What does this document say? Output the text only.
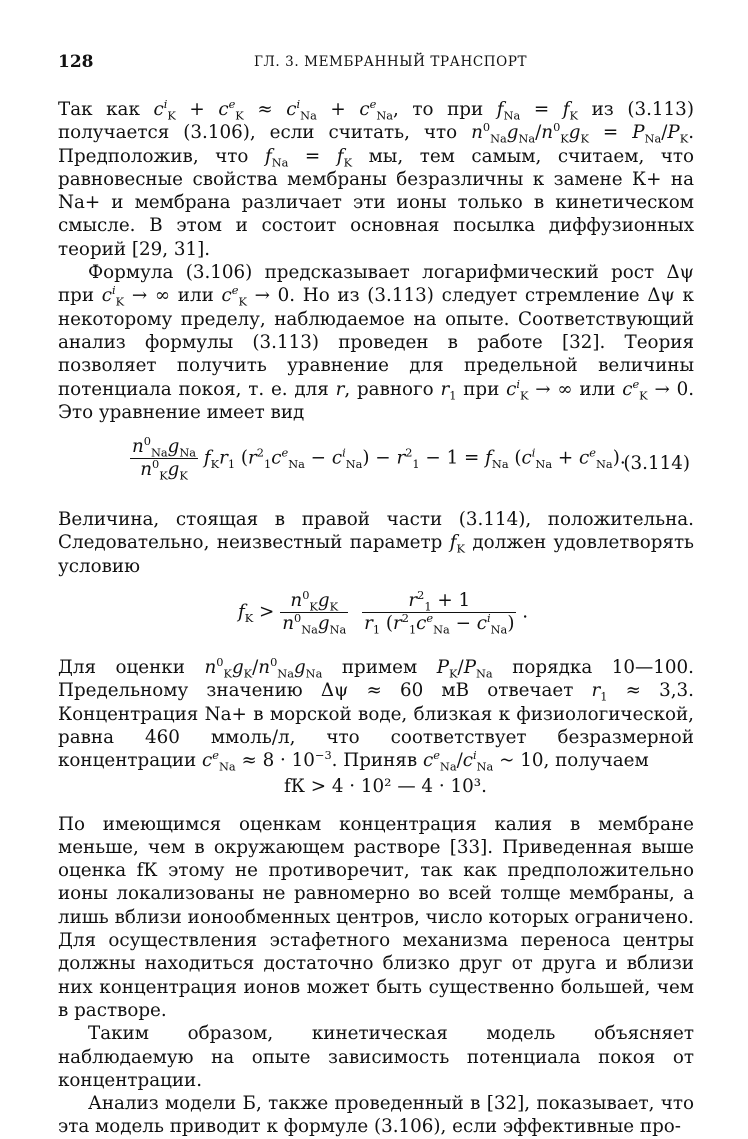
128	ГЛ. 3. МЕМБРАННЫЙ ТРАНСПОРТ

Так как $c^i_K + c^e_K \approx c^i_{Na} + c^e_{Na}$, то при $f_{Na} = f_K$ из (3.113) получается (3.106), если считать, что $n^0_{Na}g_{Na}/n^0_Kg_K = P_{Na}/P_K$. Предположив, что $f_{Na} = f_K$ мы, тем самым, считаем, что равновесные свойства мембраны безразличны к замене К+ на Na+ и мембрана различает эти ионы только в кинетическом смысле. В этом и состоит основная посылка диффузионных теорий [29, 31].

Формула (3.106) предсказывает логарифмический рост Δψ при $c^i_K$ → ∞ или $c^e_K \to 0$. Но из (3.113) следует стремление Δψ к некоторому пределу, наблюдаемое на опыте. Соответствующий анализ формулы (3.113) проведен в работе [32]. Теория позволяет получить уравнение для предельной величины потенциала покоя, т. е. для r, равного $r_1$ при $c^i_K$ → ∞ или $c^e_K \to 0$. Это уравнение имеет вид

$\frac{n^0_{Na}g_{Na}}{n^0_Kg_K} f_Kr_1$ $(r^2_1c^e_{Na} - c^i_{Na}) - r^2_1 - 1 = f_{Na}$ $(c^i_{Na} + c^e_{Na})$.
(3.114)

Величина, стоящая в правой части (3.114), положительна. Следовательно, неизвестный параметр $f_K$ должен удовлетворять условию

$f_K > \frac{n^0_Kg_K}{n^0_{Na}g_{Na}}$
$\frac{r^2_1 + 1}{r_1 (r^2_1c^e_{Na} - c^i_{Na})}$ .

Для оценки $n^0_Kg_K/n^0_{Na}g_{Na}$ примем $P_K/P_{Na}$ порядка 10—100. Предельному значению Δψ ≈ 60 мВ отвечает $r_1 \approx 3,3$. Концентрация Na+ в морской воде, близкая к физиологической, равна 460 ммоль/л, что соответствует безразмерной концентрации $c^e_{Na} \approx 8 \cdot 10^{-3}$. Приняв $c^e_{Na}/c^i_{Na}$ ~ 10, получаем

fК > 4 · 10² — 4 · 10³.

По имеющимся оценкам концентрация калия в мембране меньше, чем в окружающем растворе [33]. Приведенная выше оценка fК этому не противоречит, так как предположительно ионы локализованы не равномерно во всей толще мембраны, а лишь вблизи ионообменных центров, число которых ограничено. Для осуществления эстафетного механизма переноса центры должны находиться достаточно близко друг от друга и вблизи них концентрация ионов может быть существенно большей, чем в растворе.

Таким образом, кинетическая модель объясняет наблюдаемую на опыте зависимость потенциала покоя от концентрации.

Анализ модели Б, также проведенный в [32], показывает, что эта модель приводит к формуле (3.106), если эффективные про-
